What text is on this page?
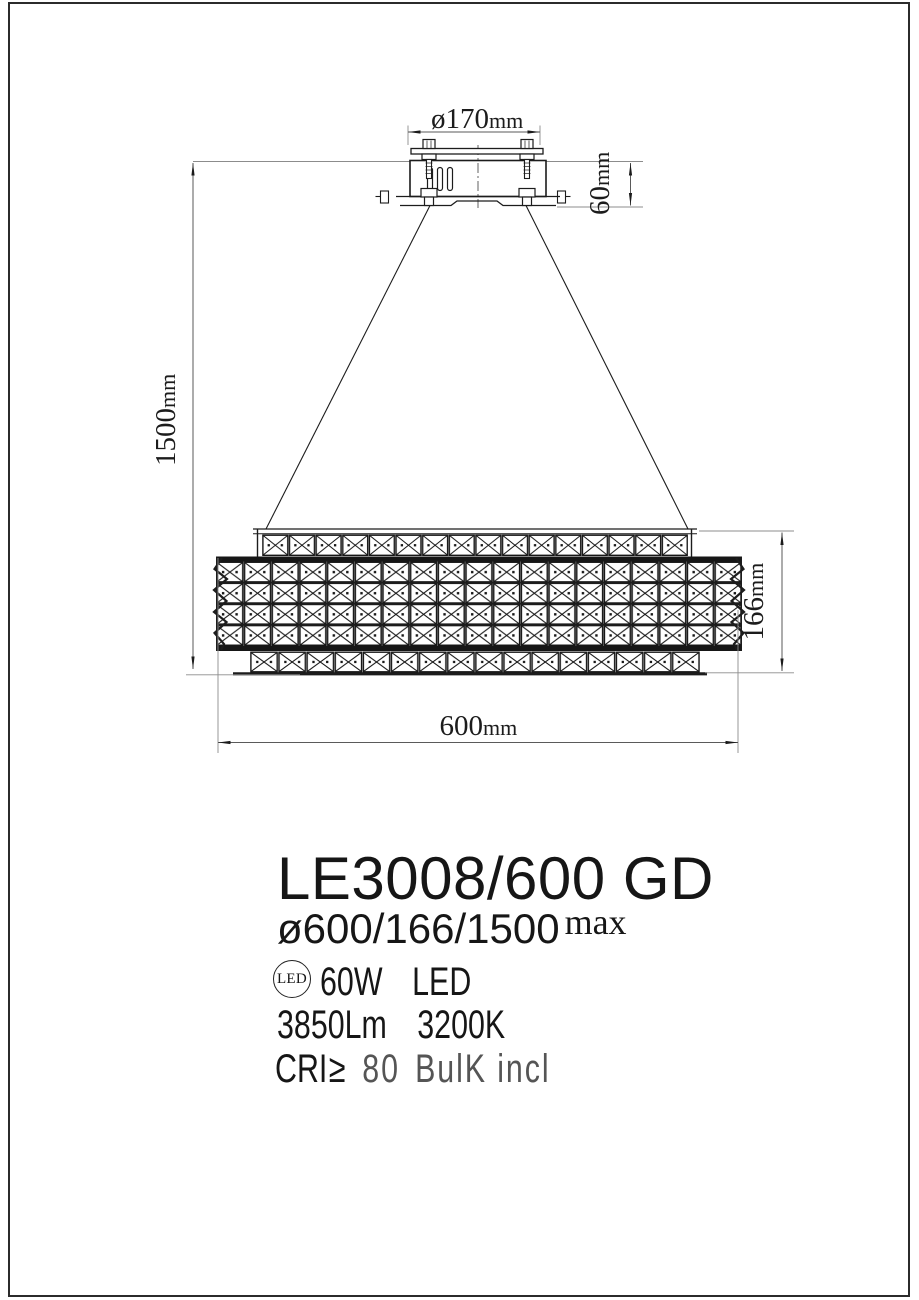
ø170 mm
60
mm
1500
mm
166
mm
600 mm
LE3008/600 GD
ø600/166/1500 max
LED 60W LED
3850Lm 3200K
CRI≥ 80 BulK incl
